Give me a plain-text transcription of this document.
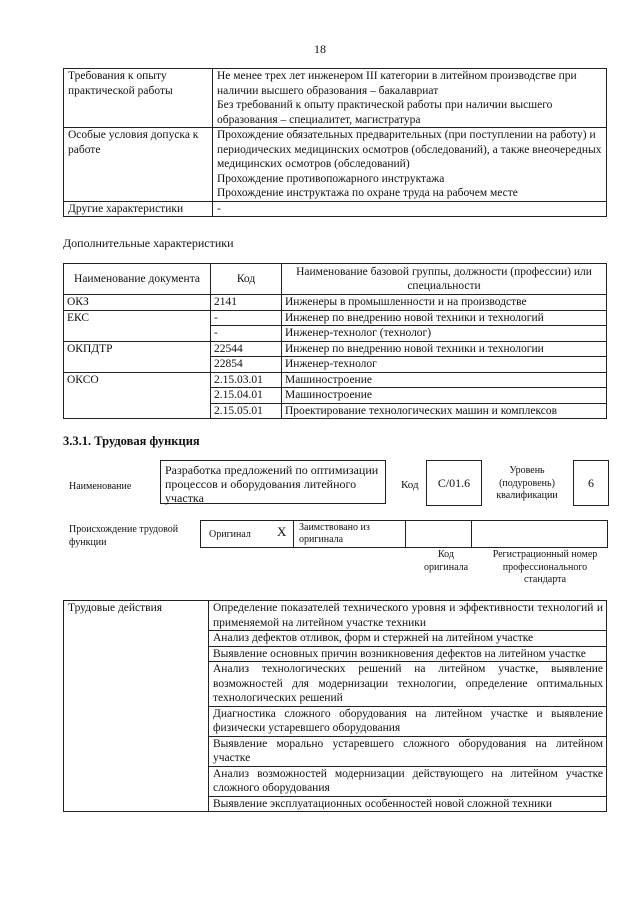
18
Требования к опыту практической работы	Не менее трех лет инженером III категории в литейном производстве при наличии высшего образования – бакалавриат

Без требований к опыту практической работы при наличии высшего образования – специалитет, магистратура

Особые условия допуска к работе	Прохождение обязательных предварительных (при поступлении на работу) и периодических медицинских осмотров (обследований), а также внеочередных медицинских осмотров (обследований)

Прохождение противопожарного инструктажа

Прохождение инструктажа по охране труда на рабочем месте

Другие характеристики	-
Дополнительные характеристики
Наименование документа	Код	Наименование базовой группы, должности (профессии) или специальности
ОКЗ	2141	Инженеры в промышленности и на производстве
ЕКС	-	Инженер по внедрению новой техники и технологий
	-	Инженер-технолог (технолог)
ОКПДТР	22544	Инженер по внедрению новой техники и технологии
	22854	Инженер-технолог
ОКСО	2.15.03.01	Машиностроение
	2.15.04.01	Машиностроение
	2.15.05.01	Проектирование технологических машин и комплексов
3.3.1. Трудовая функция
Наименование
Разработка предложений по оптимизации процессов и оборудования литейного участка
Код	C/01.6
Уровень (подуровень) квалификации
6
Происхождение трудовой функции
Оригинал X Заимствовано из оригинала
Код оригинала
Регистрационный номер профессионального стандарта
Трудовые действия	Определение показателей технического уровня и эффективности технологий и применяемой на литейном участке техники
Анализ дефектов отливок, форм и стержней на литейном участке
Выявление основных причин возникновения дефектов на литейном участке
Анализ технологических решений на литейном участке, выявление возможностей для модернизации технологии, определение оптимальных технологических решений
Диагностика сложного оборудования на литейном участке и выявление физически устаревшего оборудования
Выявление морально устаревшего сложного оборудования на литейном участке
Анализ возможностей модернизации действующего на литейном участке сложного оборудования
Выявление эксплуатационных особенностей новой сложной техники
